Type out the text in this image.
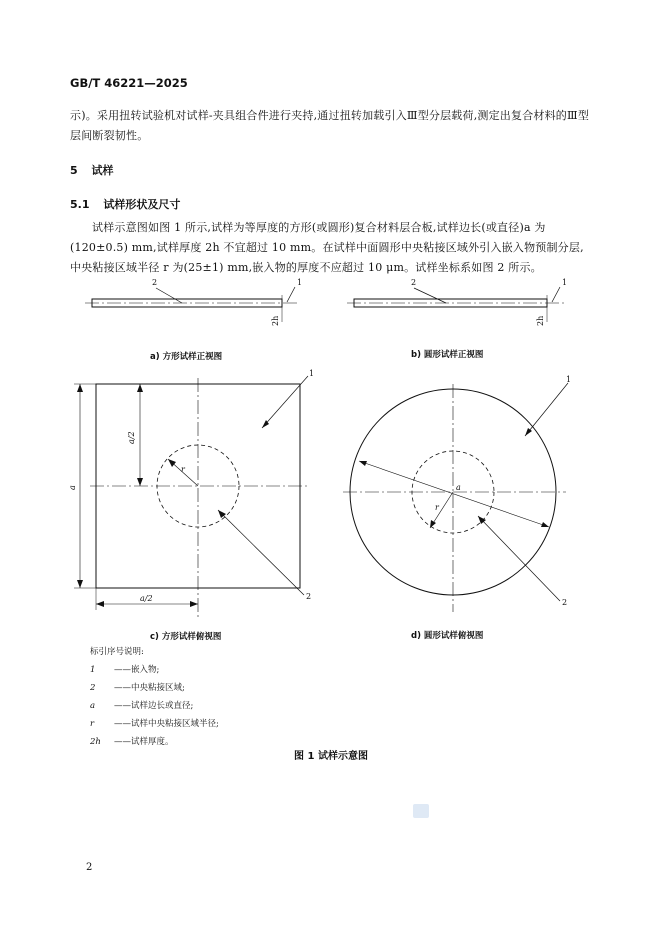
GB/T 46221—2025
示)。采用扭转试验机对试样-夹具组合件进行夹持,通过扭转加载引入Ⅲ型分层载荷,测定出复合材料的Ⅲ型层间断裂韧性。
5 试样
5.1 试样形状及尺寸
试样示意图如图 1 所示,试样为等厚度的方形(或圆形)复合材料层合板,试样边长(或直径)a 为(120±0.5) mm,试样厚度 2h 不宜超过 10 mm。在试样中面圆形中央粘接区域外引入嵌入物预制分层,中央粘接区域半径 r 为(25±1) mm,嵌入物的厚度不应超过 10 μm。试样坐标系如图 2 所示。
2	1
2h
2	1
2h
a
a/2
a/2
r
1
2
a
r
1
2
a) 方形试样正视图	b) 圆形试样正视图
c) 方形试样俯视图	d) 圆形试样俯视图
标引序号说明:
1 ——嵌入物;
2 ——中央粘接区域;
a ——试样边长或直径;
r ——试样中央粘接区域半径;
2h ——试样厚度。
图 1 试样示意图
2
